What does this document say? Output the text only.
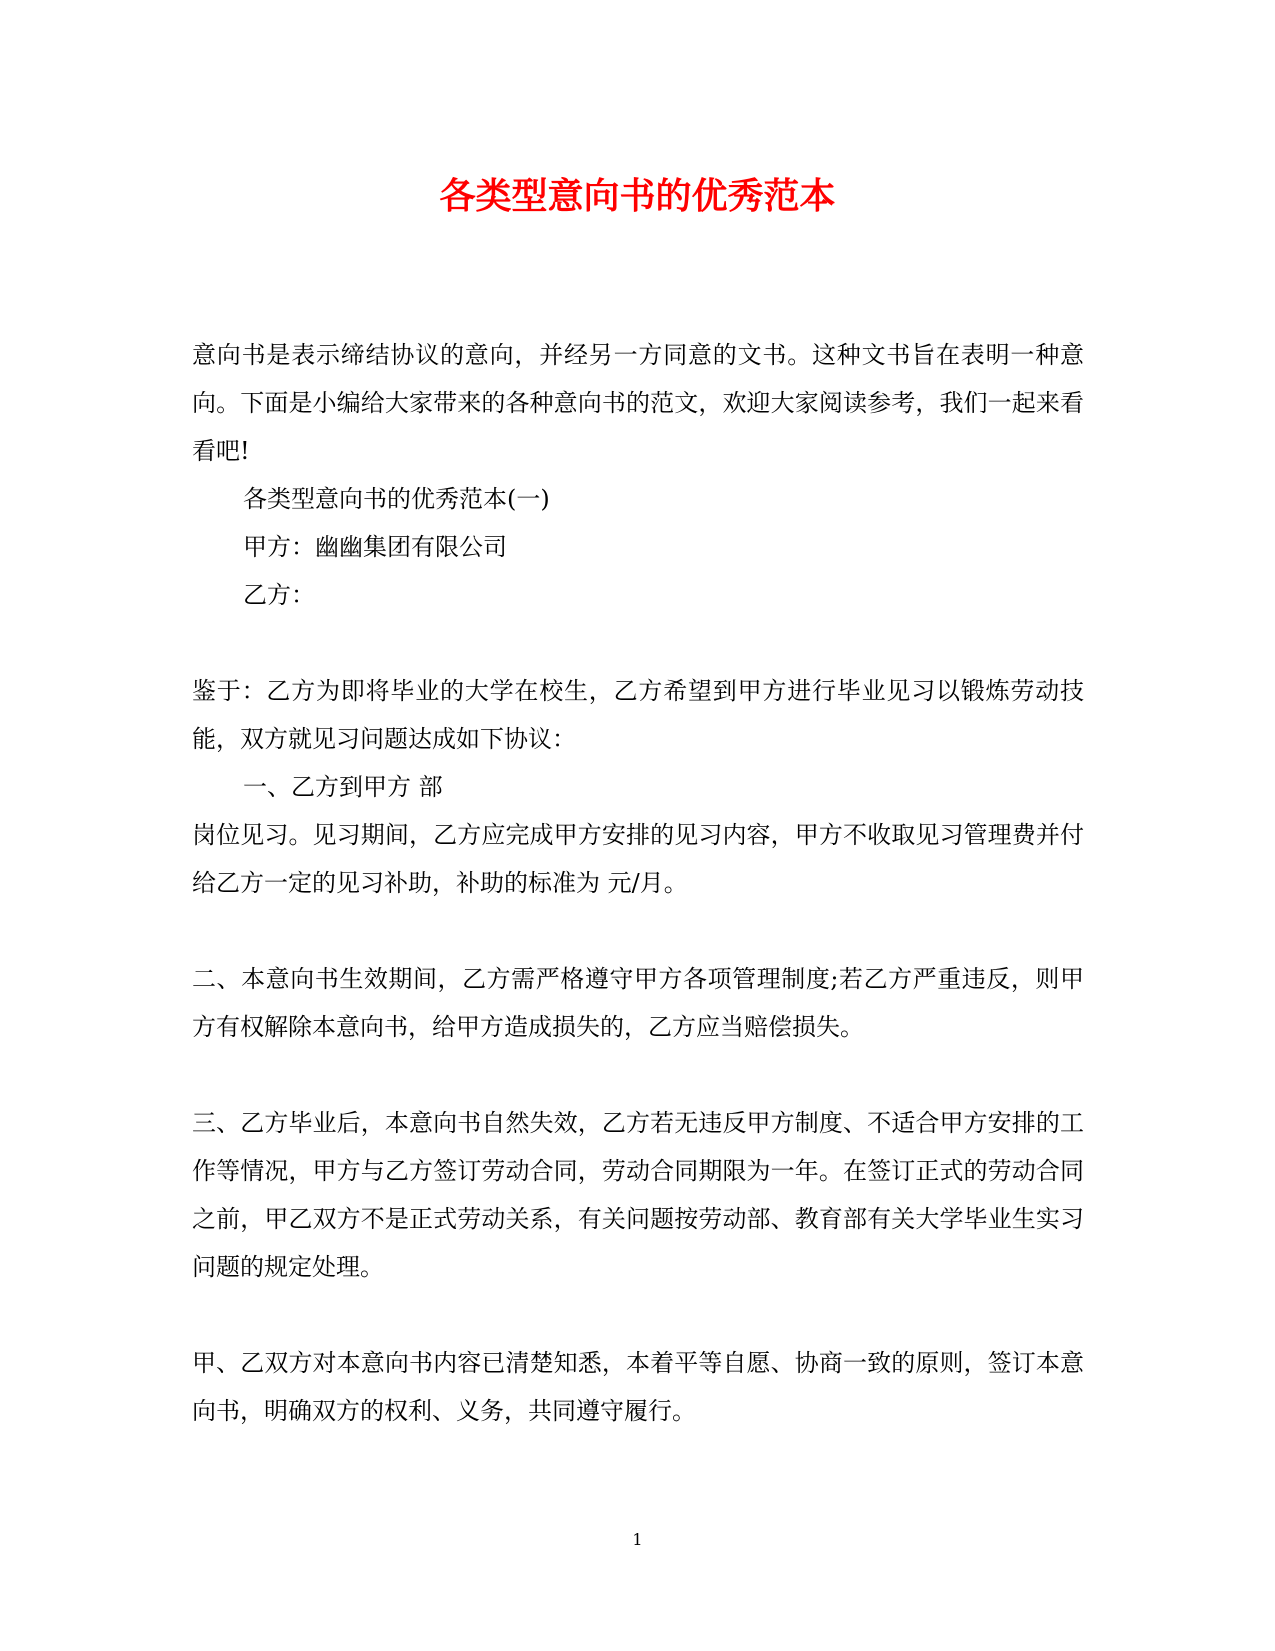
各类型意向书的优秀范本

意向书是表示缔结协议的意向，并经另一方同意的文书。这种文书旨在表明一种意向。下面是小编给大家带来的各种意向书的范文，欢迎大家阅读参考，我们一起来看看吧!

各类型意向书的优秀范本(一)

甲方：幽幽集团有限公司

乙方：

鉴于：乙方为即将毕业的大学在校生，乙方希望到甲方进行毕业见习以锻炼劳动技能，双方就见习问题达成如下协议：

一、乙方到甲方 部

岗位见习。见习期间，乙方应完成甲方安排的见习内容，甲方不收取见习管理费并付给乙方一定的见习补助，补助的标准为 元/月。

二、本意向书生效期间，乙方需严格遵守甲方各项管理制度;若乙方严重违反，则甲方有权解除本意向书，给甲方造成损失的，乙方应当赔偿损失。

三、乙方毕业后，本意向书自然失效，乙方若无违反甲方制度、不适合甲方安排的工作等情况，甲方与乙方签订劳动合同，劳动合同期限为一年。在签订正式的劳动合同之前，甲乙双方不是正式劳动关系，有关问题按劳动部、教育部有关大学毕业生实习问题的规定处理。

甲、乙双方对本意向书内容已清楚知悉，本着平等自愿、协商一致的原则，签订本意向书，明确双方的权利、义务，共同遵守履行。

1
